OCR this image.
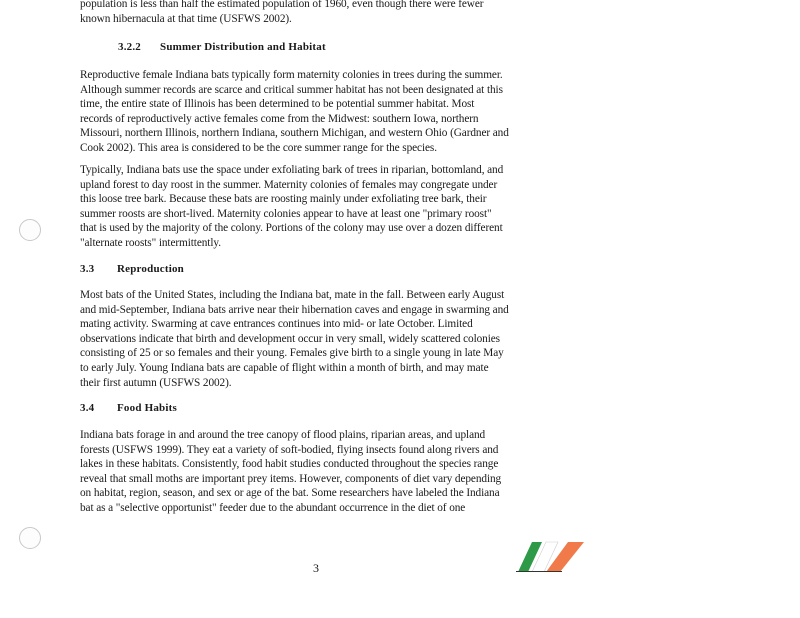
population is less than half the estimated population of 1960, even though there were fewer
known hibernacula at that time (USFWS 2002).

3.2.2 Summer Distribution and Habitat

Reproductive female Indiana bats typically form maternity colonies in trees during the summer.
Although summer records are scarce and critical summer habitat has not been designated at this
time, the entire state of Illinois has been determined to be potential summer habitat. Most
records of reproductively active females come from the Midwest: southern Iowa, northern
Missouri, northern Illinois, northern Indiana, southern Michigan, and western Ohio (Gardner and
Cook 2002). This area is considered to be the core summer range for the species.

Typically, Indiana bats use the space under exfoliating bark of trees in riparian, bottomland, and
upland forest to day roost in the summer. Maternity colonies of females may congregate under
this loose tree bark. Because these bats are roosting mainly under exfoliating tree bark, their
summer roosts are short-lived. Maternity colonies appear to have at least one "primary roost"
that is used by the majority of the colony. Portions of the colony may use over a dozen different
"alternate roosts" intermittently.

3.3 Reproduction

Most bats of the United States, including the Indiana bat, mate in the fall. Between early August
and mid-September, Indiana bats arrive near their hibernation caves and engage in swarming and
mating activity. Swarming at cave entrances continues into mid- or late October. Limited
observations indicate that birth and development occur in very small, widely scattered colonies
consisting of 25 or so females and their young. Females give birth to a single young in late May
to early July. Young Indiana bats are capable of flight within a month of birth, and may mate
their first autumn (USFWS 2002).

3.4 Food Habits

Indiana bats forage in and around the tree canopy of flood plains, riparian areas, and upland
forests (USFWS 1999). They eat a variety of soft-bodied, flying insects found along rivers and
lakes in these habitats. Consistently, food habit studies conducted throughout the species range
reveal that small moths are important prey items. However, components of diet vary depending
on habitat, region, season, and sex or age of the bat. Some researchers have labeled the Indiana
bat as a "selective opportunist" feeder due to the abundant occurrence in the diet of one

3
